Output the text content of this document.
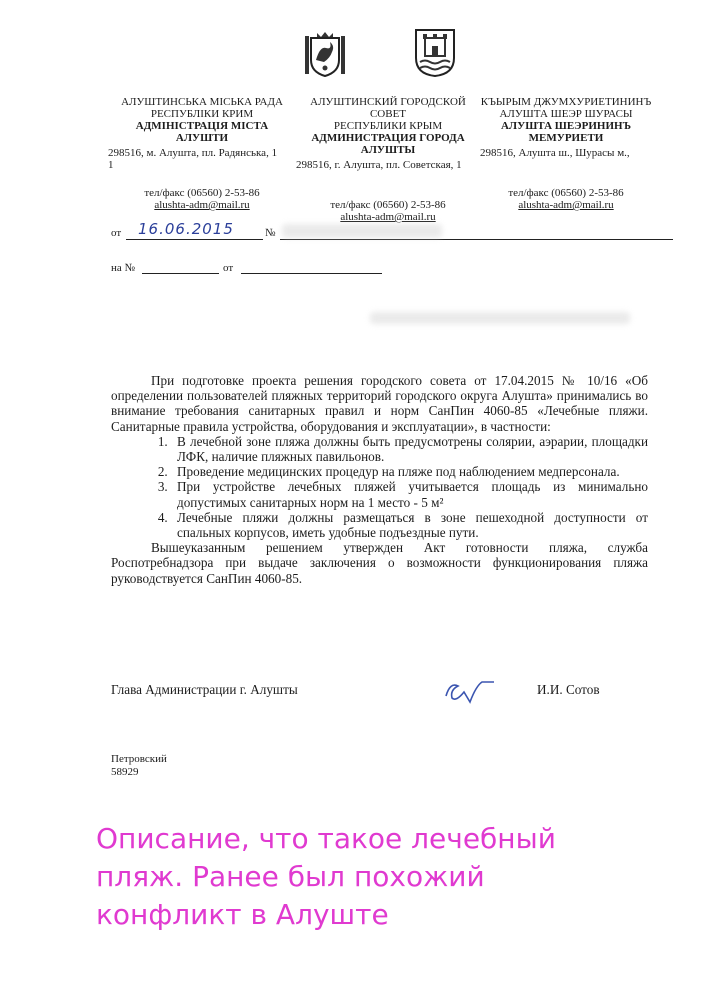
АЛУШТИНСЬКА МІСЬКА РАДА
РЕСПУБЛІКИ КРИМ
АДМІНІСТРАЦІЯ МІСТА
АЛУШТИ
298516, м. Алушта, пл. Радянська, 1
1
тел/факс (06560) 2-53-86
alushta-adm@mail.ru
АЛУШТИНСКИЙ ГОРОДСКОЙ СОВЕТ
РЕСПУБЛИКИ КРЫМ
АДМИНИСТРАЦИЯ ГОРОДА
АЛУШТЫ
298516, г. Алушта, пл. Советская, 1
тел/факс (06560) 2-53-86
alushta-adm@mail.ru
КЪЫРЫМ ДЖУМХУРИЕТИНИНЪ
АЛУШТА ШЕЭР ШУРАСЫ
АЛУШТА ШЕЭРИНИНЪ
МЕМУРИЕТИ
298516, Алушта ш., Шурасы м.,
тел/факс (06560) 2-53-86
alushta-adm@mail.ru
от 16.06.2015	№
на №	от
При подготовке проекта решения городского совета от 17.04.2015 № 10/16 «Об определении пользователей пляжных территорий городского округа Алушта» принимались во внимание требования санитарных правил и норм СанПин 4060-85 «Лечебные пляжи. Санитарные правила устройства, оборудования и эксплуатации», в частности:
1. В лечебной зоне пляжа должны быть предусмотрены солярии, аэрарии, площадки ЛФК, наличие пляжных павильонов.
2. Проведение медицинских процедур на пляже под наблюдением медперсонала.
3. При устройстве лечебных пляжей учитывается площадь из минимально допустимых санитарных норм на 1 место - 5 м²
4. Лечебные пляжи должны размещаться в зоне пешеходной доступности от спальных корпусов, иметь удобные подъездные пути.
Вышеуказанным решением утвержден Акт готовности пляжа, служба Роспотребнадзора при выдаче заключения о возможности функционирования пляжа руководствуется СанПин 4060-85.
Глава Администрации г. Алушты	И.И. Сотов
Петровский
58929
Описание, что такое лечебный
пляж. Ранее был похожий
конфликт в Алуште
